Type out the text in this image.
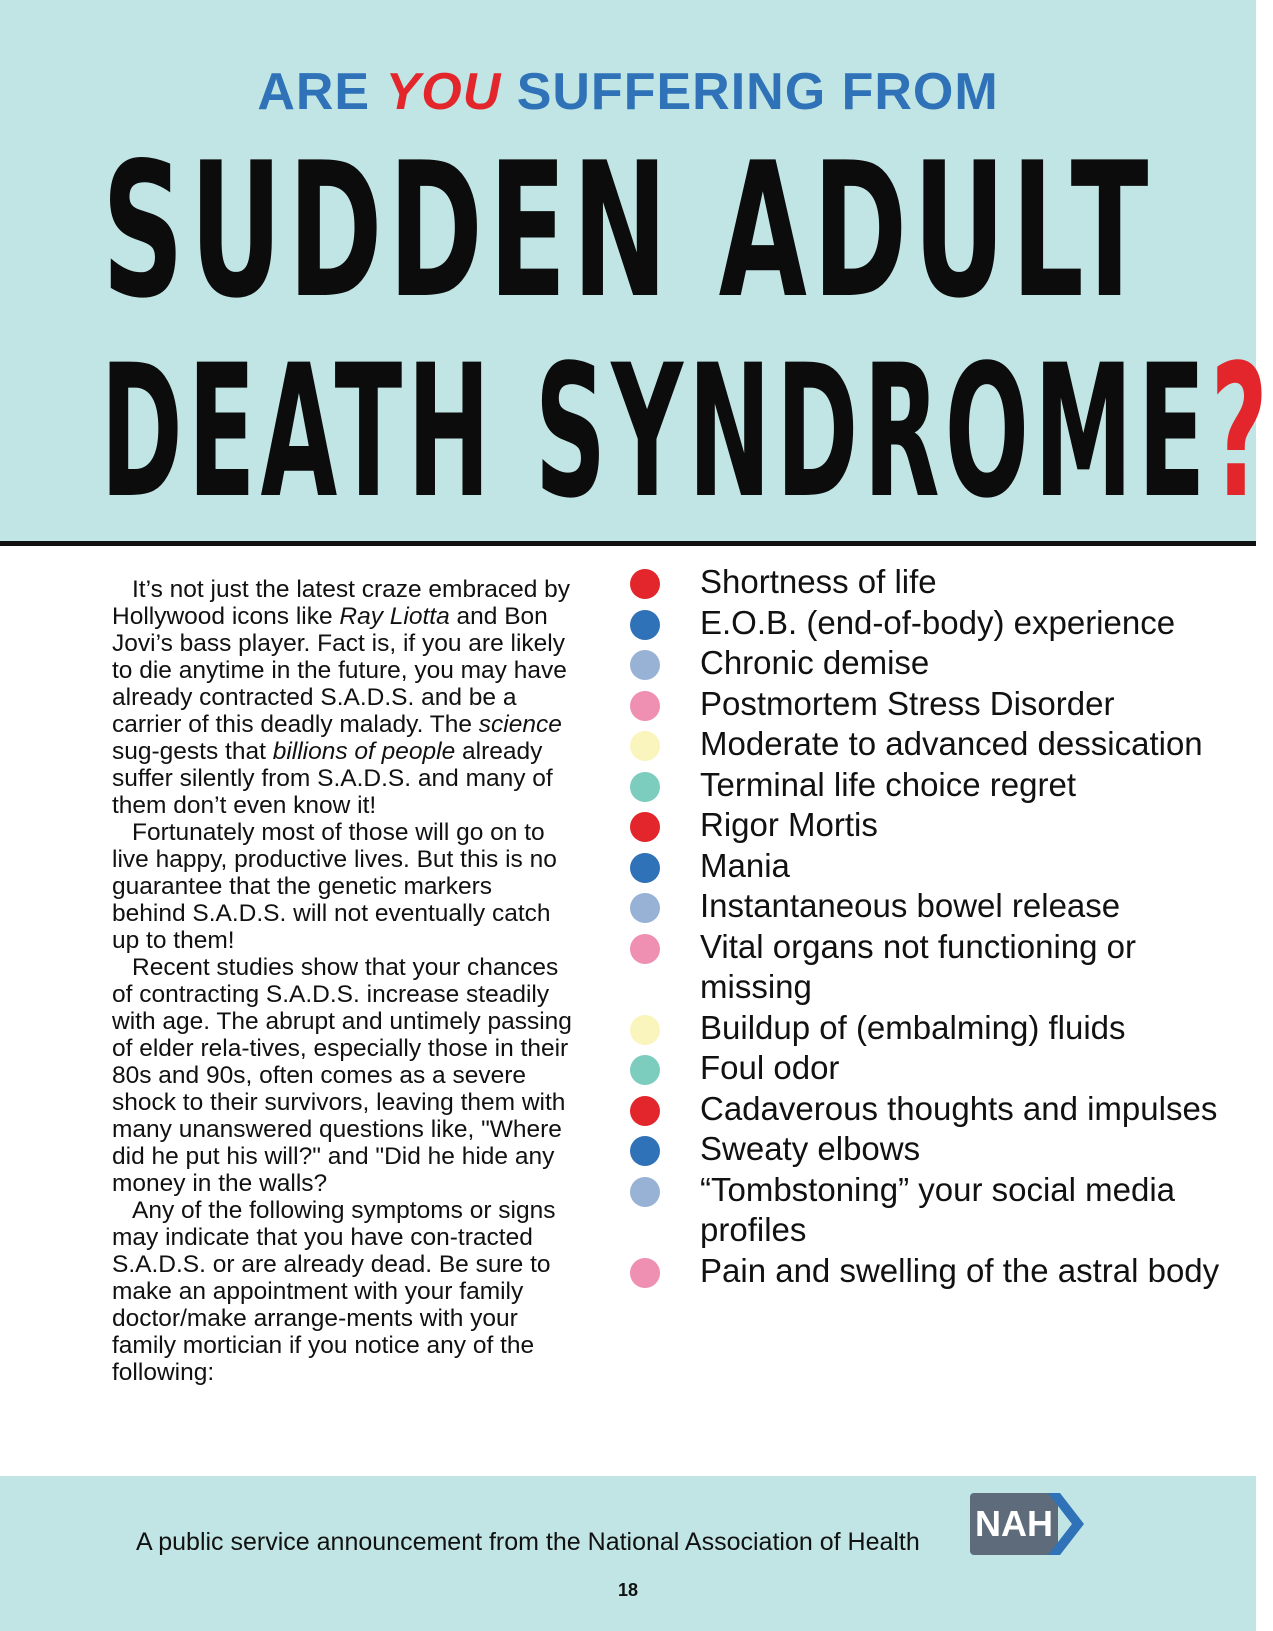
ARE YOU SUFFERING FROM
SUDDEN ADULT
DEATH SYNDROME?

It’s not just the latest craze embraced by Hollywood icons like Ray Liotta and Bon Jovi’s bass player. Fact is, if you are likely to die anytime in the future, you may have already contracted S.A.D.S. and be a carrier of this deadly malady. The science sug-gests that billions of people already suffer silently from S.A.D.S. and many of them don’t even know it!

Fortunately most of those will go on to live happy, productive lives. But this is no guarantee that the genetic markers behind S.A.D.S. will not eventually catch up to them!

Recent studies show that your chances of contracting S.A.D.S. increase steadily with age. The abrupt and untimely passing of elder rela-tives, especially those in their 80s and 90s, often comes as a severe shock to their survivors, leaving them with many unanswered questions like, "Where did he put his will?" and "Did he hide any money in the walls?

Any of the following symptoms or signs may indicate that you have con-tracted S.A.D.S. or are already dead. Be sure to make an appointment with your family doctor/make arrange-ments with your family mortician if you notice any of the following:

Shortness of life
E.O.B. (end-of-body) experience
Chronic demise
Postmortem Stress Disorder
Moderate to advanced dessication
Terminal life choice regret
Rigor Mortis
Mania
Instantaneous bowel release
Vital organs not functioning or missing
Buildup of (embalming) fluids
Foul odor
Cadaverous thoughts and impulses
Sweaty elbows
“Tombstoning” your social media profiles
Pain and swelling of the astral body
A public service announcement from the National Association of Health NAH
18
